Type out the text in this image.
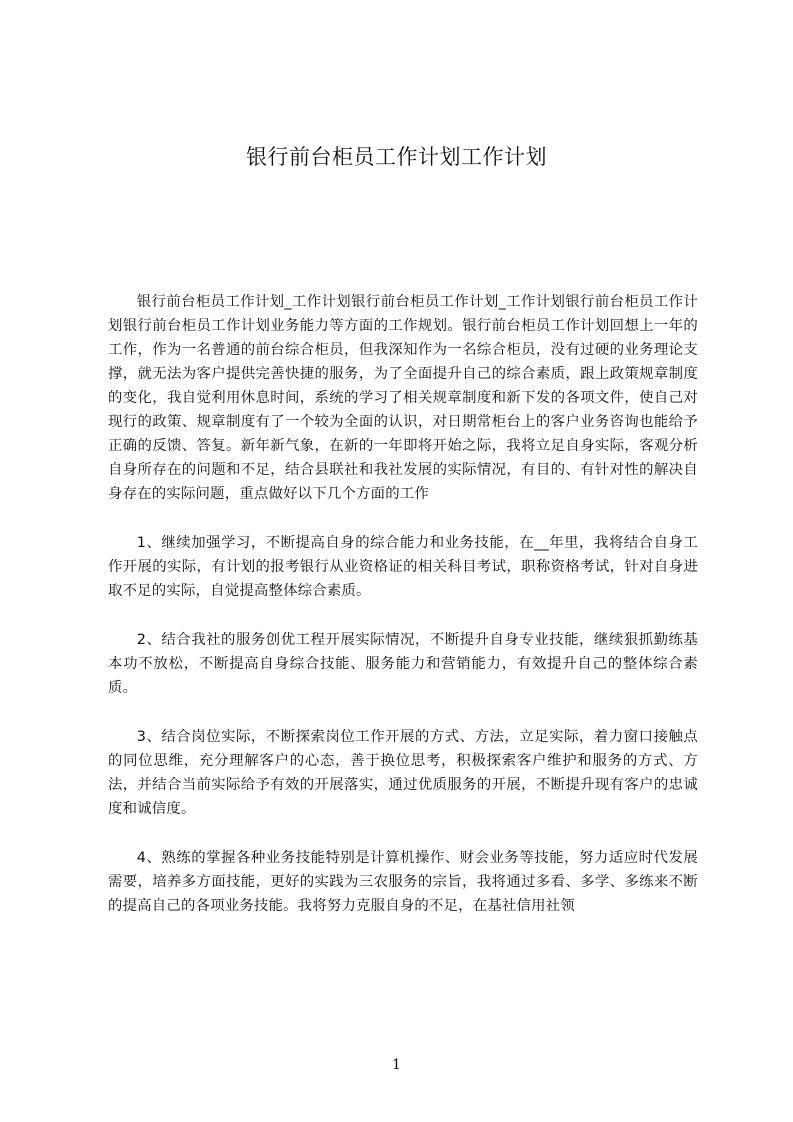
银行前台柜员工作计划工作计划

银行前台柜员工作计划_工作计划银行前台柜员工作计划_工作计划银行前台柜员工作计划银行前台柜员工作计划业务能力等方面的工作规划。银行前台柜员工作计划回想上一年的工作，作为一名普通的前台综合柜员，但我深知作为一名综合柜员，没有过硬的业务理论支撑，就无法为客户提供完善快捷的服务，为了全面提升自己的综合素质，跟上政策规章制度的变化，我自觉利用休息时间，系统的学习了相关规章制度和新下发的各项文件，使自己对现行的政策、规章制度有了一个较为全面的认识，对日期常柜台上的客户业务咨询也能给予正确的反馈、答复。新年新气象，在新的一年即将开始之际，我将立足自身实际，客观分析自身所存在的问题和不足，结合县联社和我社发展的实际情况，有目的、有针对性的解决自身存在的实际问题，重点做好以下几个方面的工作

1、继续加强学习，不断提高自身的综合能力和业务技能，在__年里，我将结合自身工作开展的实际，有计划的报考银行从业资格证的相关科目考试，职称资格考试，针对自身进取不足的实际，自觉提高整体综合素质。

2、结合我社的服务创优工程开展实际情况，不断提升自身专业技能，继续狠抓勤练基本功不放松，不断提高自身综合技能、服务能力和营销能力，有效提升自己的整体综合素质。

3、结合岗位实际，不断探索岗位工作开展的方式、方法，立足实际，着力窗口接触点的同位思维，充分理解客户的心态，善于换位思考，积极探索客户维护和服务的方式、方法，并结合当前实际给予有效的开展落实，通过优质服务的开展，不断提升现有客户的忠诚度和诚信度。

4、熟练的掌握各种业务技能特别是计算机操作、财会业务等技能，努力适应时代发展需要，培养多方面技能，更好的实践为三农服务的宗旨，我将通过多看、多学、多练来不断的提高自己的各项业务技能。我将努力克服自身的不足，在基社信用社领

1
